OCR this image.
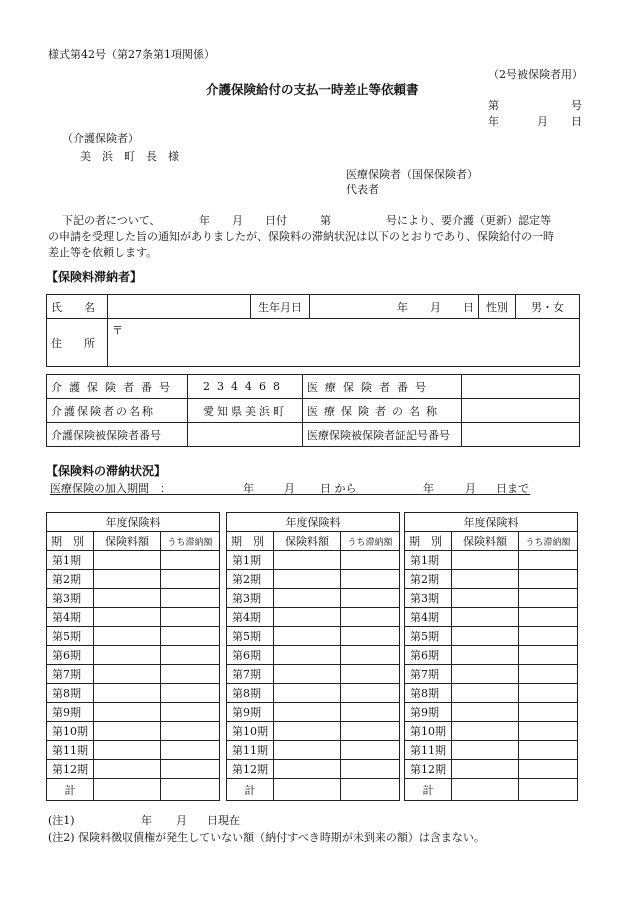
様式第42号（第27条第1項関係）
（2号被保険者用）
介護保険給付の支払一時差止等依頼書
第	号
年	月 日
（介護保険者）
美　浜　町　長　様
医療保険者（国保保険者）
代表者
下記の者について、　　　　年　　月　　日付　　　第　　　　　号により、要介護（更新）認定等
の申請を受理した旨の通知がありましたが、保険料の滞納状況は以下のとおりであり、保険給付の一時
差止等を依頼します。
【保険料滞納者】
氏　　名		生年月日	年　　月　　日	性別	男・女
住　　所	〒				
介護保険者番号	234468	医療保険者番号	
介護保険者の名称	愛知県美浜町	医療保険者の名称	
介護保険被保険者番号		医療保険被保険者証記号番号	
【保険料の滞納状況】
医療保険の加入期間　：	年	月 日 から	年	月 日まで
年度保険料		
期　別	保険料額	うち滞納額
第1期		
第2期		
第3期		
第4期		
第5期		
第6期		
第7期		
第8期		
第9期		
第10期		
第11期		
第12期		
計		
年度保険料		
期　別	保険料額	うち滞納額
第1期		
第2期		
第3期		
第4期		
第5期		
第6期		
第7期		
第8期		
第9期		
第10期		
第11期		
第12期		
計		
年度保険料		
期　別	保険料額	うち滞納額
第1期		
第2期		
第3期		
第4期		
第5期		
第6期		
第7期		
第8期		
第9期		
第10期		
第11期		
第12期		
計		
(注1)	年 月 日現在
(注2) 保険料徴収債権が発生していない額（納付すべき時期が未到来の額）は含まない。
